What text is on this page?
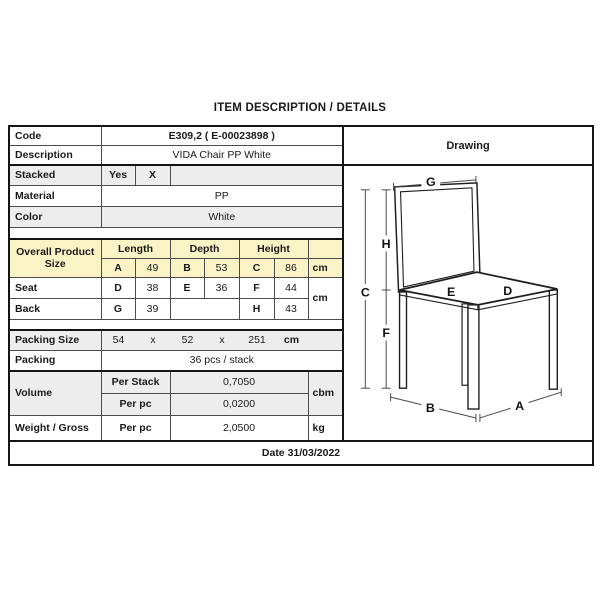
ITEM DESCRIPTION / DETAILS
Code	E309,2 ( E-00023898 )							Drawing
Description	VIDA Chair PP White							
Stacked	Yes	X		
C
H
F
G
B	A
E	D

Material	PP							
Color	White							

Overall Product Size	Length		Depth		Height			
	A	49	B	53	C	86	cm	
Seat	D	38	E	36	F	44	cm	
Back	G	39			H	43		

Packing Size	54	x	52	x	251	cm

Packing	36 pcs / stack							
Volume	Per Stack		0,7050				cbm	
	Per pc		0,0200					
Weight / Gross	Per pc		2,0500				kg	
Date 31/03/2022								
